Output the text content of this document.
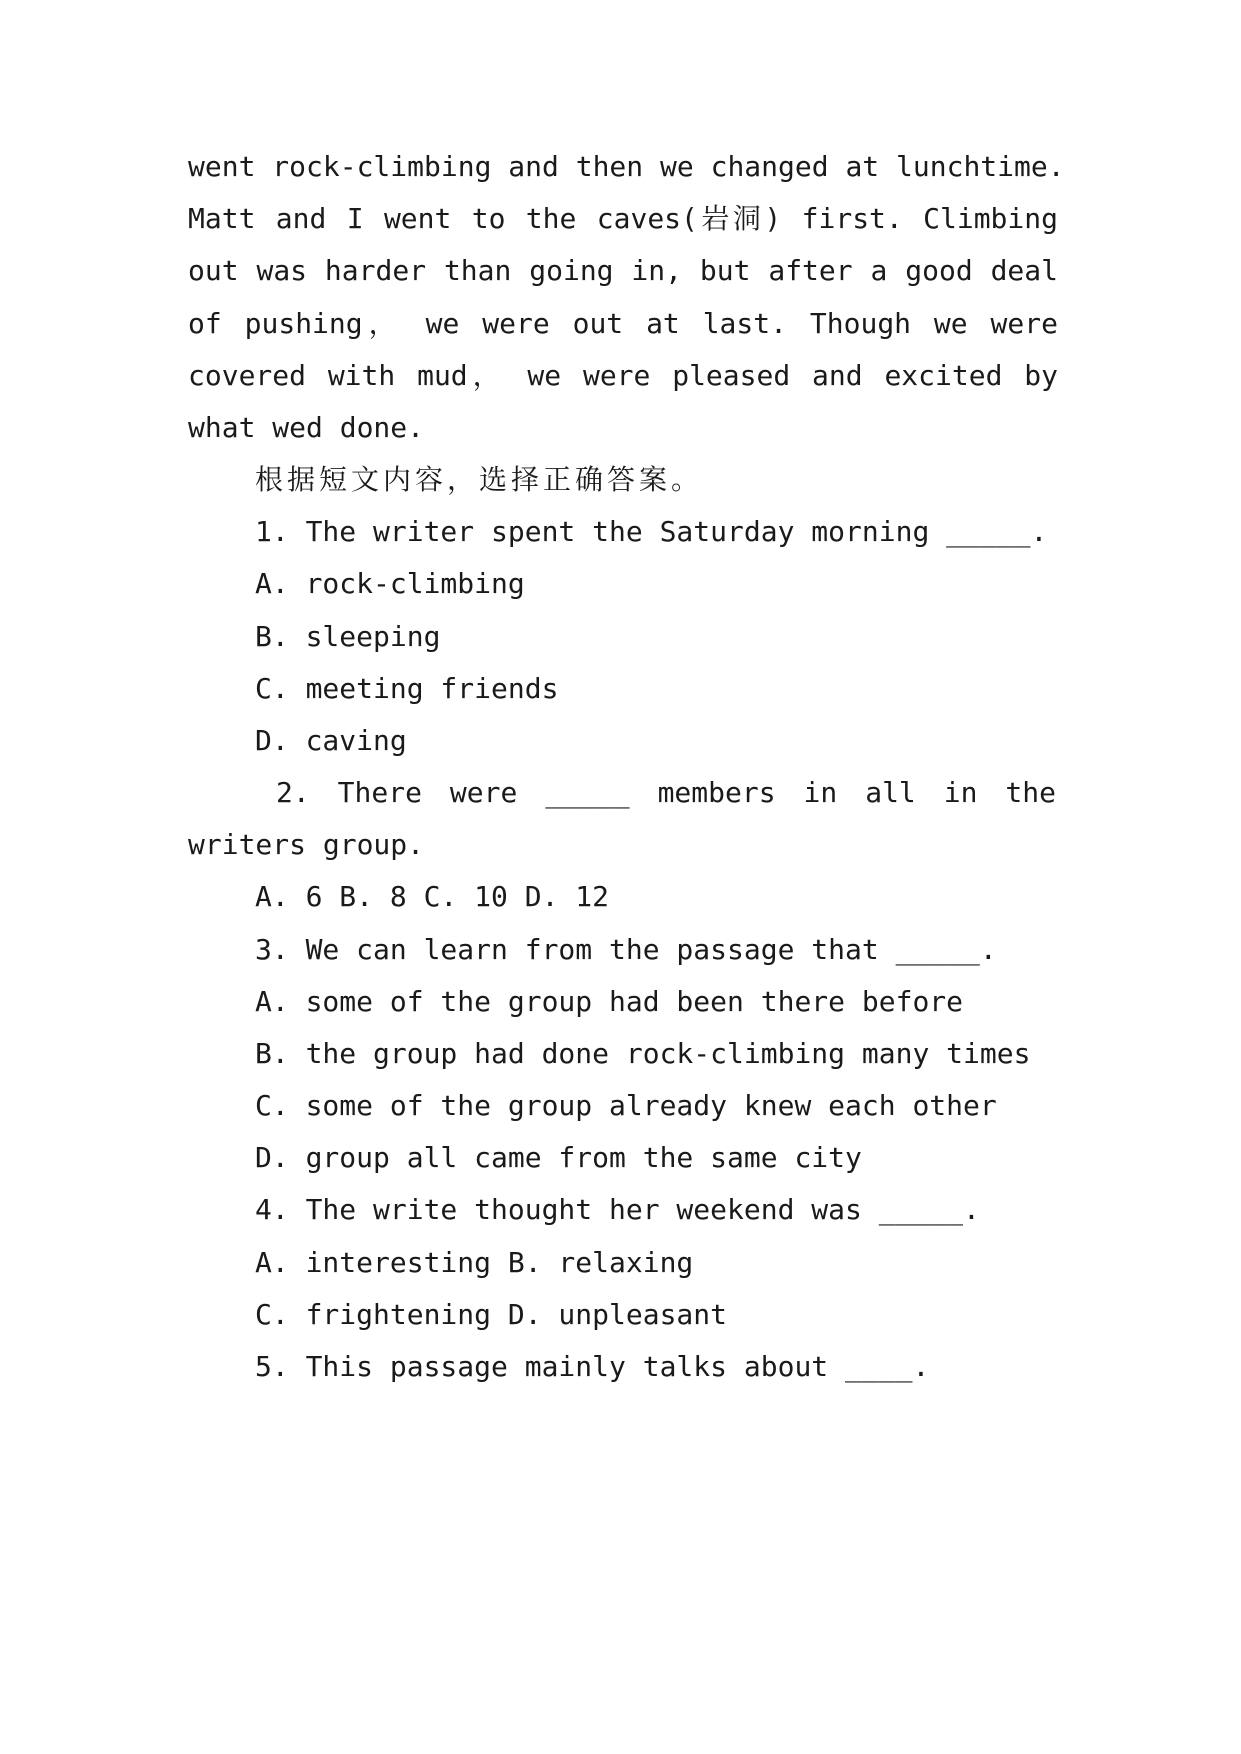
went rock-climbing and then we changed at lunchtime.
Matt and I went to the caves(岩洞) first. Climbing
out was harder than going in, but after a good deal
of pushing， we were out at last. Though we were
covered with mud， we were pleased and excited by
what wed done.
根据短文内容，选择正确答案。
1. The writer spent the Saturday morning _____.
A. rock-climbing
B. sleeping
C. meeting friends
D. caving
2. There were _____ members in all in the
writers group.
A. 6 B. 8 C. 10 D. 12
3. We can learn from the passage that _____.
A. some of the group had been there before
B. the group had done rock-climbing many times
C. some of the group already knew each other
D. group all came from the same city
4. The write thought her weekend was _____.
A. interesting B. relaxing
C. frightening D. unpleasant
5. This passage mainly talks about ____.
